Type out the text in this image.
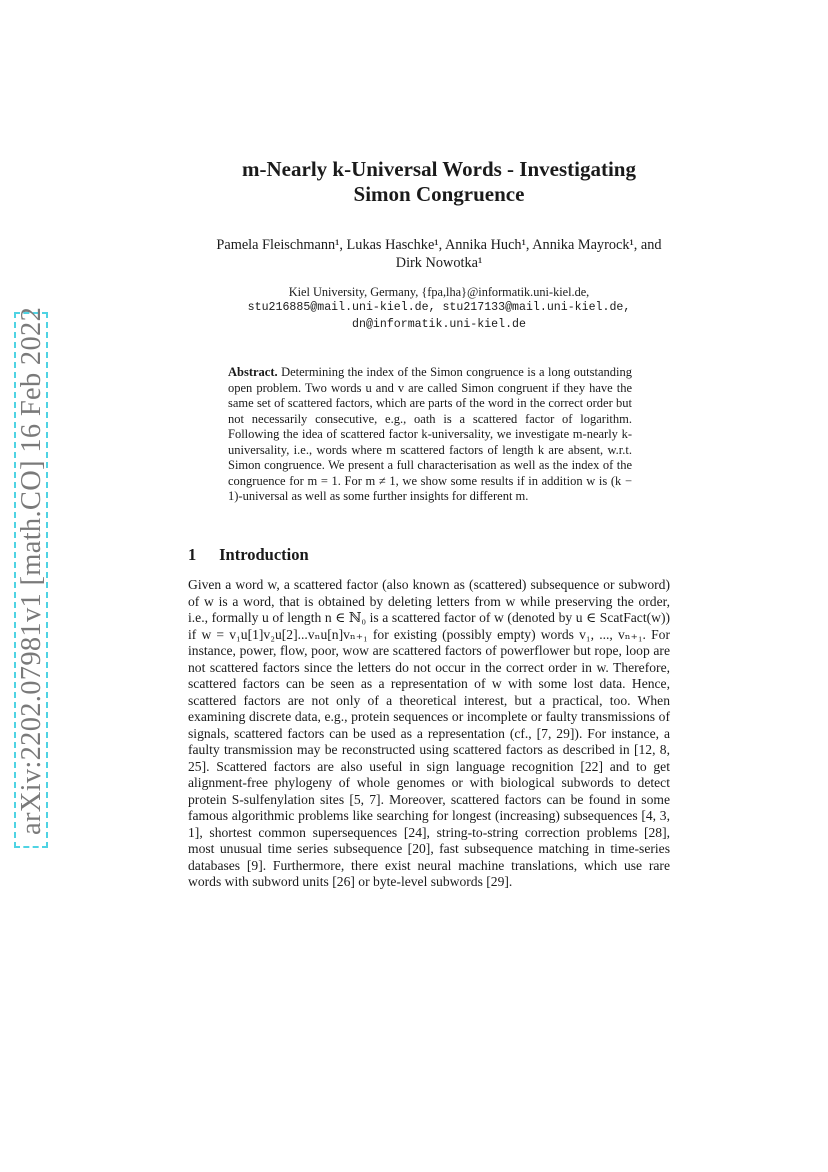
arXiv:2202.07981v1 [math.CO] 16 Feb 2022
m-Nearly k-Universal Words - Investigating
Simon Congruence
Pamela Fleischmann¹, Lukas Haschke¹, Annika Huch¹, Annika Mayrock¹, and
Dirk Nowotka¹
Kiel University, Germany, {fpa,lha}@informatik.uni-kiel.de,
stu216885@mail.uni-kiel.de, stu217133@mail.uni-kiel.de,
dn@informatik.uni-kiel.de
Abstract. Determining the index of the Simon congruence is a long outstanding open problem. Two words u and v are called Simon congruent if they have the same set of scattered factors, which are parts of the word in the correct order but not necessarily consecutive, e.g., oath is a scattered factor of logarithm. Following the idea of scattered factor k-universality, we investigate m-nearly k-universality, i.e., words where m scattered factors of length k are absent, w.r.t. Simon congruence. We present a full characterisation as well as the index of the congruence for m = 1. For m ≠ 1, we show some results if in addition w is (k − 1)-universal as well as some further insights for different m.
1 Introduction
Given a word w, a scattered factor (also known as (scattered) subsequence or subword) of w is a word, that is obtained by deleting letters from w while preserving the order, i.e., formally u of length n ∈ ℕ₀ is a scattered factor of w (denoted by u ∈ ScatFact(w)) if w = v₁u[1]v₂u[2]...vₙu[n]vₙ₊₁ for existing (possibly empty) words v₁, ..., vₙ₊₁. For instance, power, flow, poor, wow are scattered factors of powerflower but rope, loop are not scattered factors since the letters do not occur in the correct order in w. Therefore, scattered factors can be seen as a representation of w with some lost data. Hence, scattered factors are not only of a theoretical interest, but a practical, too. When examining discrete data, e.g., protein sequences or incomplete or faulty transmissions of signals, scattered factors can be used as a representation (cf., [7, 29]). For instance, a faulty transmission may be reconstructed using scattered factors as described in [12, 8, 25]. Scattered factors are also useful in sign language recognition [22] and to get alignment-free phylogeny of whole genomes or with biological subwords to detect protein S-sulfenylation sites [5, 7]. Moreover, scattered factors can be found in some famous algorithmic problems like searching for longest (increasing) subsequences [4, 3, 1], shortest common supersequences [24], string-to-string correction problems [28], most unusual time series subsequence [20], fast subsequence matching in time-series databases [9]. Furthermore, there exist neural machine translations, which use rare words with subword units [26] or byte-level subwords [29].
